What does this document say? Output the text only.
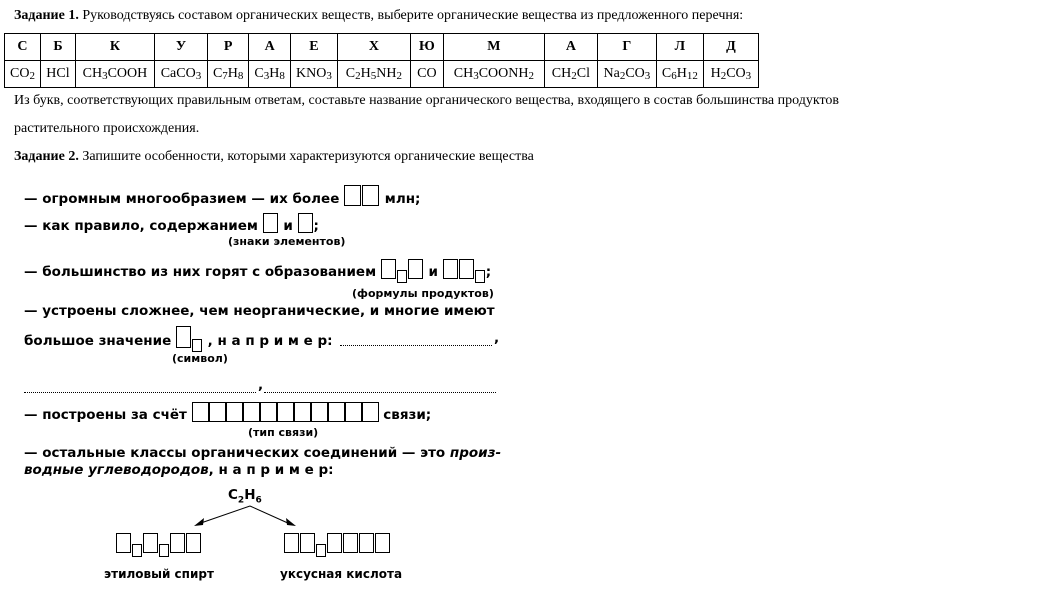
Задание 1. Руководствуясь составом органических веществ, выберите органические вещества из предложенного перечня:
С	Б	К	У	Р	А	Е	Х	Ю	М	А	Г	Л	Д
CO2	HCl	CH3COOH	CaCO3	C7H8	C3H8	KNO3	C2H5NH2	CO	CH3COONH2	CH2Cl	Na2CO3	C6H12	H2CO3
Из букв, соответствующих правильным ответам, составьте название органического вещества, входящего в состав большинства продуктов
растительного происхождения.
Задание 2. Запишите особенности, которыми характеризуются органические вещества
— огромным многообразием — их более	млн;
— как правило, содержанием и ;
(знаки элементов)
— большинство из них горят с образованием	и	;
(формулы продуктов)
— устроены сложнее, чем неорганические, и многие имеют
большое значение	, н а п р и м е р:	,
(символ)
,
— построены за счёт	связи;
(тип связи)
— остальные классы органических соединений — это произ-
водные углеводородов, н а п р и м е р:
$C_2H_6$
этиловый спирт	уксусная кислота
